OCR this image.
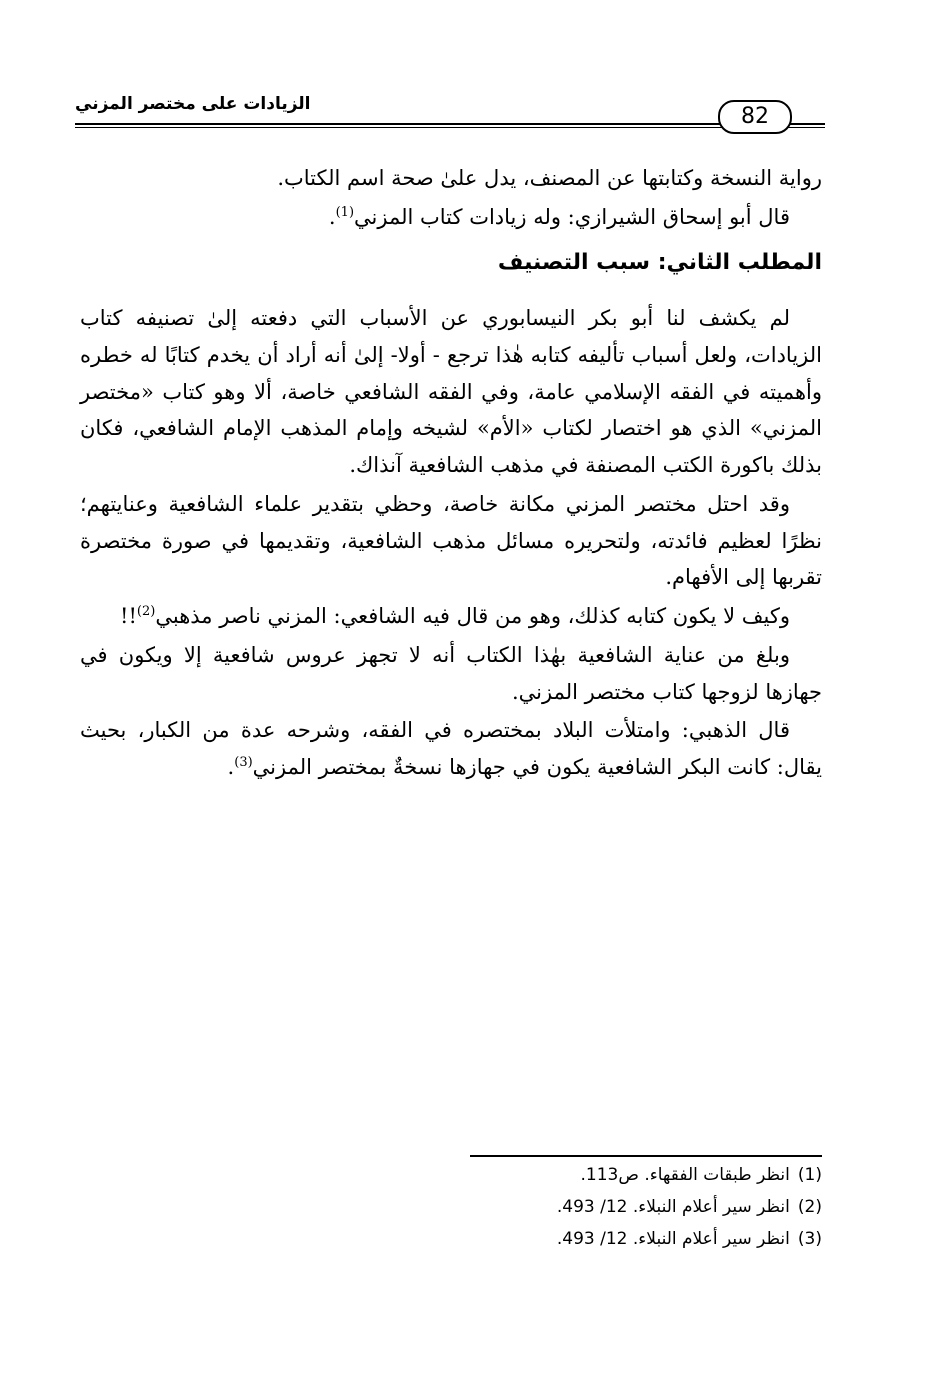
الزيادات على مختصر المزني	82

رواية النسخة وكتابتها عن المصنف، يدل علىٰ صحة اسم الكتاب.

قال أبو إسحاق الشيرازي: وله زيادات كتاب المزني$^{(1)}$.

المطلب الثاني: سبب التصنيف

لم يكشف لنا أبو بكر النيسابوري عن الأسباب التي دفعته إلىٰ تصنيفه كتاب الزيادات، ولعل أسباب تأليفه كتابه هٰذا ترجع - أولا- إلىٰ أنه أراد أن يخدم كتابًا له خطره وأهميته في الفقه الإسلامي عامة، وفي الفقه الشافعي خاصة، ألا وهو كتاب «مختصر المزني» الذي هو اختصار لكتاب «الأم» لشيخه وإمام المذهب الإمام الشافعي، فكان بذلك باكورة الكتب المصنفة في مذهب الشافعية آنذاك.

وقد احتل مختصر المزني مكانة خاصة، وحظي بتقدير علماء الشافعية وعنايتهم؛ نظرًا لعظيم فائدته، ولتحريره مسائل مذهب الشافعية، وتقديمها في صورة مختصرة تقربها إلى الأفهام.

وكيف لا يكون كتابه كذلك، وهو من قال فيه الشافعي: المزني ناصر مذهبي$^{(2)}$!!

وبلغ من عناية الشافعية بهٰذا الكتاب أنه لا تجهز عروس شافعية إلا ويكون في جهازها لزوجها كتاب مختصر المزني.

قال الذهبي: وامتلأت البلاد بمختصره في الفقه، وشرحه عدة من الكبار، بحيث يقال: كانت البكر الشافعية يكون في جهازها نسخةٌ بمختصر المزني$^{(3)}$.

(1)انظر طبقات الفقهاء. ص113.
(2)انظر سير أعلام النبلاء. 12/ 493.
(3)انظر سير أعلام النبلاء. 12/ 493.
